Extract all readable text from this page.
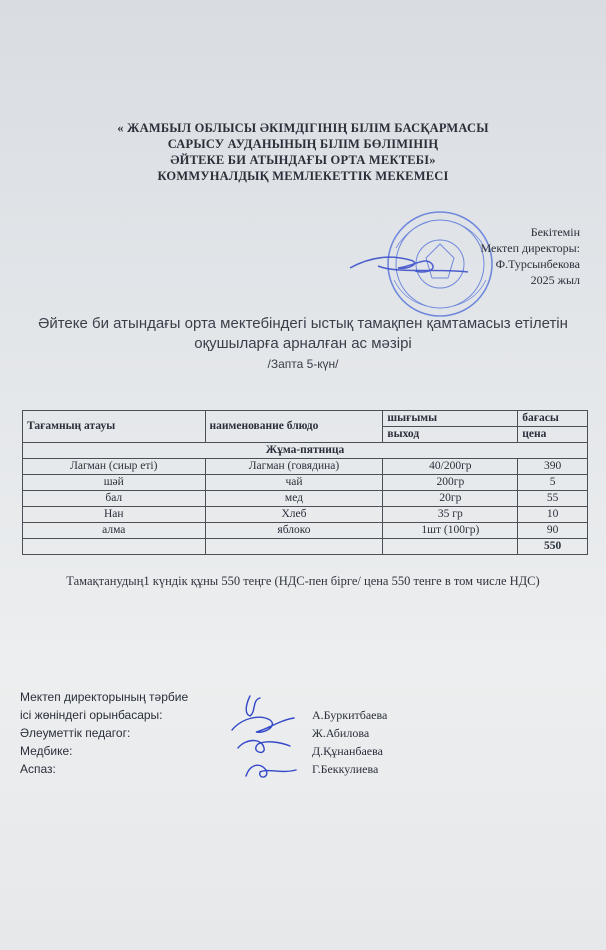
« ЖАМБЫЛ ОБЛЫСЫ ӘКІМДІГІНІҢ БІЛІМ БАСҚАРМАСЫ
САРЫСУ АУДАНЫНЫҢ БІЛІМ БӨЛІМІНІҢ
ӘЙТЕКЕ БИ АТЫНДАҒЫ ОРТА МЕКТЕБІ»
КОММУНАЛДЫҚ МЕМЛЕКЕТТІК МЕКЕМЕСІ
Бекітемін
Мектеп директоры:
Ф.Турсынбекова
2025 жыл
Әйтеке би атындағы орта мектебіндегі ыстық тамақпен қамтамасыз етілетін
оқушыларға арналған ас мәзірі
/Запта 5-күн/
Тағамның атауы	наименование блюдо	шығымы	бағасы
		выход	цена
Жұма-пятница			
Лагман (сиыр еті)	Лагман (говядина)	40/200гр	390
шәй	чай	200гр	5
бал	мед	20гр	55
Нан	Хлеб	35 гр	10
алма	яблоко	1шт (100гр)	90
			550
Тамақтанудың1 күндік құны 550 теңге (НДС-пен бірге/ цена 550 тенге в том числе НДС)
Мектеп директорының тәрбие
ісі жөніндегі орынбасары:	А.Буркитбаева
Әлеуметтік педагог:	Ж.Абилова
Медбике:	Д.Құнанбаева
Аспаз:	Г.Беккулиева
